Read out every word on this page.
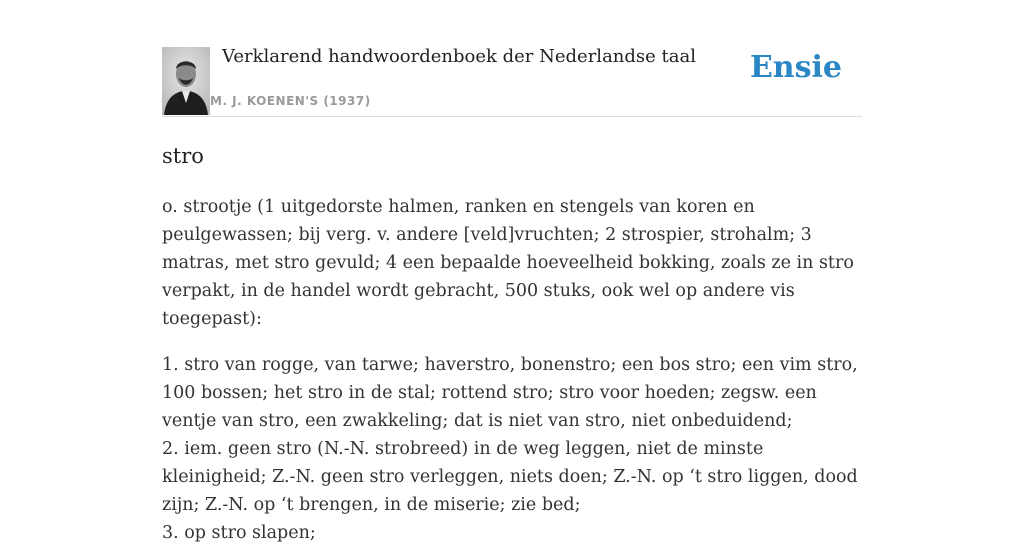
Verklarend handwoordenboek der Nederlandse taal
M. J. KOENEN'S (1937)
Ensie
stro

o. strootje (1 uitgedorste halmen, ranken en stengels van koren en peulgewassen; bij verg. v. andere [veld]vruchten; 2 strospier, strohalm; 3 matras, met stro gevuld; 4 een bepaalde hoeveelheid bokking, zoals ze in stro verpakt, in de handel wordt gebracht, 500 stuks, ook wel op andere vis toegepast):

1. stro van rogge, van tarwe; haverstro, bonenstro; een bos stro; een vim stro, 100 bossen; het stro in de stal; rottend stro; stro voor hoeden; zegsw. een ventje van stro, een zwakkeling; dat is niet van stro, niet onbeduidend;

2. iem. geen stro (N.-N. strobreed) in de weg leggen, niet de minste kleinigheid; Z.-N. geen stro verleggen, niets doen; Z.-N. op ‘t stro liggen, dood zijn; Z.-N. op ‘t brengen, in de miserie; zie bed;

3. op stro slapen;
